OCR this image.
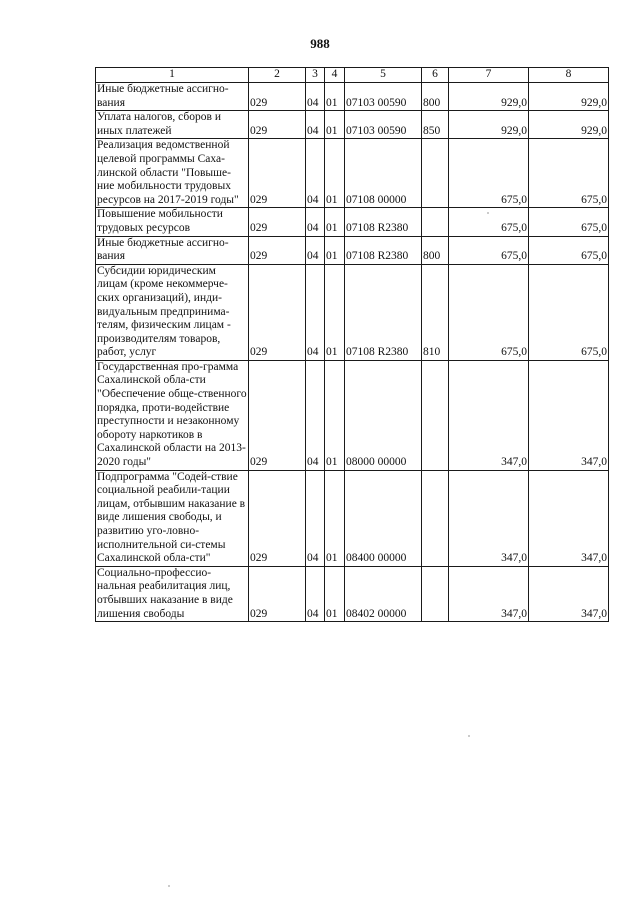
988
1	2	3	4	5	6	7	8
Иные бюджетные ассигно-вания	029	04	01	07103 00590	800	929,0	929,0
Уплата налогов, сборов и иных платежей	029	04	01	07103 00590	850	929,0	929,0
Реализация ведомственной целевой программы Саха-линской области "Повыше-ние мобильности трудовых ресурсов на 2017-2019 годы"	029	04	01	07108 00000		675,0	675,0
Повышение мобильности трудовых ресурсов	029	04	01	07108 R2380		675,0	675,0
Иные бюджетные ассигно-вания	029	04	01	07108 R2380	800	675,0	675,0
Субсидии юридическим лицам (кроме некоммерче-ских организаций), инди-видуальным предпринима-телям, физическим лицам - производителям товаров, работ, услуг	029	04	01	07108 R2380	810	675,0	675,0
Государственная про-грамма Сахалинской обла-сти "Обеспечение обще-ственного порядка, проти-водействие преступности и незаконному обороту наркотиков в Сахалинской области на 2013-2020 годы"	029	04	01	08000 00000		347,0	347,0
Подпрограмма "Содей-ствие социальной реабили-тации лицам, отбывшим наказание в виде лишения свободы, и развитию уго-ловно-исполнительной си-стемы Сахалинской обла-сти"	029	04	01	08400 00000		347,0	347,0
Социально-профессио-нальная реабилитация лиц, отбывших наказание в виде лишения свободы	029	04	01	08402 00000		347,0	347,0
